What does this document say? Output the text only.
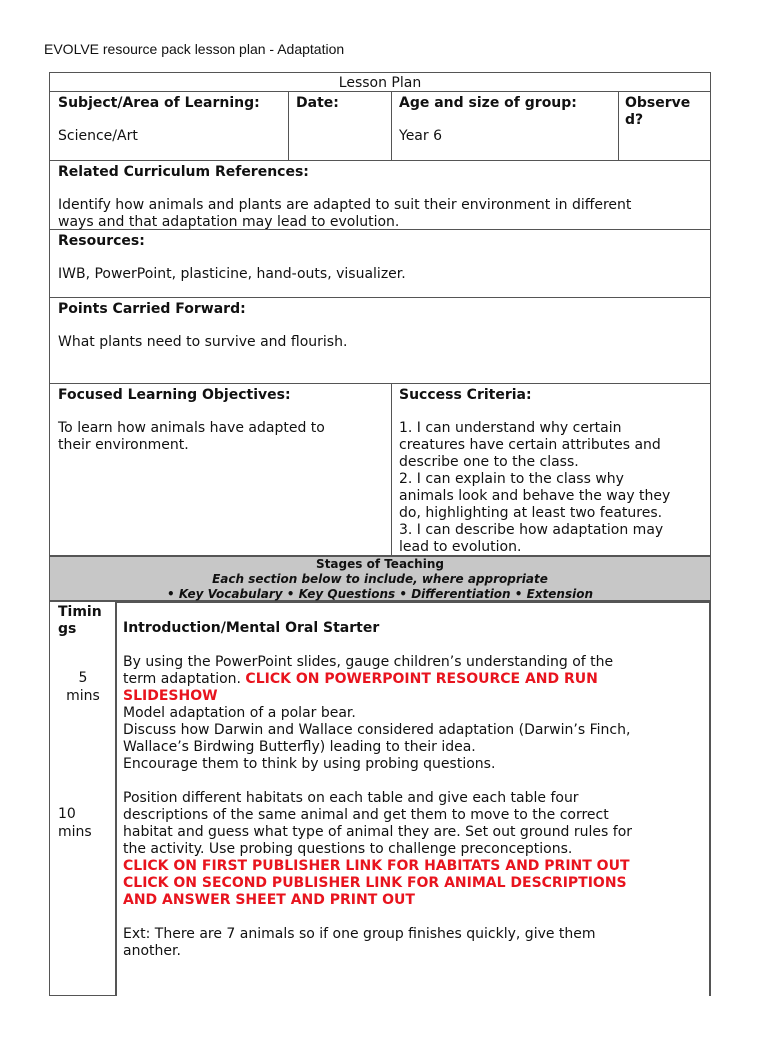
EVOLVE resource pack lesson plan - Adaptation
Lesson Plan
Subject/Area of Learning:
Science/Art
Date:	Age and size of group:
Year 6
Observe
d?
Related Curriculum References:
Identify how animals and plants are adapted to suit their environment in different
ways and that adaptation may lead to evolution.
Resources:
IWB, PowerPoint, plasticine, hand-outs, visualizer.
Points Carried Forward:
What plants need to survive and flourish.
Focused Learning Objectives:
To learn how animals have adapted to
their environment.
Success Criteria:
1. I can understand why certain
creatures have certain attributes and
describe one to the class.
2. I can explain to the class why
animals look and behave the way they
do, highlighting at least two features.
3. I can describe how adaptation may
lead to evolution.
Stages of Teaching
Each section below to include, where appropriate
• Key Vocabulary • Key Questions • Differentiation • Extension
Timin
gs
5
mins
10
mins
Introduction/Mental Oral Starter
By using the PowerPoint slides, gauge children’s understanding of the
term adaptation. CLICK ON POWERPOINT RESOURCE AND RUN
SLIDESHOW
Model adaptation of a polar bear.
Discuss how Darwin and Wallace considered adaptation (Darwin’s Finch,
Wallace’s Birdwing Butterfly) leading to their idea.
Encourage them to think by using probing questions.
Position different habitats on each table and give each table four
descriptions of the same animal and get them to move to the correct
habitat and guess what type of animal they are. Set out ground rules for
the activity. Use probing questions to challenge preconceptions.
CLICK ON FIRST PUBLISHER LINK FOR HABITATS AND PRINT OUT
CLICK ON SECOND PUBLISHER LINK FOR ANIMAL DESCRIPTIONS
AND ANSWER SHEET AND PRINT OUT
Ext: There are 7 animals so if one group finishes quickly, give them
another.
